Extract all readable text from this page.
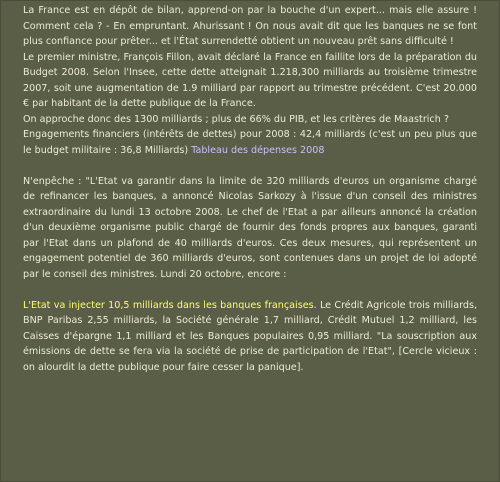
La France est en dépôt de bilan, apprend-on par la bouche d'un expert... mais elle assure ! Comment cela ? - En empruntant. Ahurissant ! On nous avait dit que les banques ne se font plus confiance pour prêter... et l'État surrendetté obtient un nouveau prêt sans difficulté !

Le premier ministre, François Fillon, avait déclaré la France en faillite lors de la préparation du Budget 2008. Selon l'Insee, cette dette atteignait 1.218,300 milliards au troisième trimestre 2007, soit une augmentation de 1.9 milliard par rapport au trimestre précédent. C'est 20.000 € par habitant de la dette publique de la France.

On approche donc des 1300 milliards ; plus de 66% du PIB, et les critères de Maastrich ?

Engagements financiers (intérêts de dettes) pour 2008 : 42,4 milliards (c'est un peu plus que le budget militaire : 36,8 Milliards) Tableau des dépenses 2008

N'enpêche : "L'Etat va garantir dans la limite de 320 milliards d'euros un organisme chargé de refinancer les banques, a annoncé Nicolas Sarkozy à l'issue d'un conseil des ministres extraordinaire du lundi 13 octobre 2008. Le chef de l'Etat a par ailleurs annoncé la création d'un deuxième organisme public chargé de fournir des fonds propres aux banques, garanti par l'Etat dans un plafond de 40 milliards d'euros. Ces deux mesures, qui représentent un engagement potentiel de 360 milliards d'euros, sont contenues dans un projet de loi adopté par le conseil des ministres. Lundi 20 octobre, encore :

L'Etat va injecter 10,5 milliards dans les banques françaises. Le Crédit Agricole trois milliards, BNP Paribas 2,55 milliards, la Société générale 1,7 milliard, Crédit Mutuel 1,2 milliard, les Caisses d'épargne 1,1 milliard et les Banques populaires 0,95 milliard. "La souscription aux émissions de dette se fera via la société de prise de participation de l'Etat", [Cercle vicieux : on alourdit la dette publique pour faire cesser la panique].
